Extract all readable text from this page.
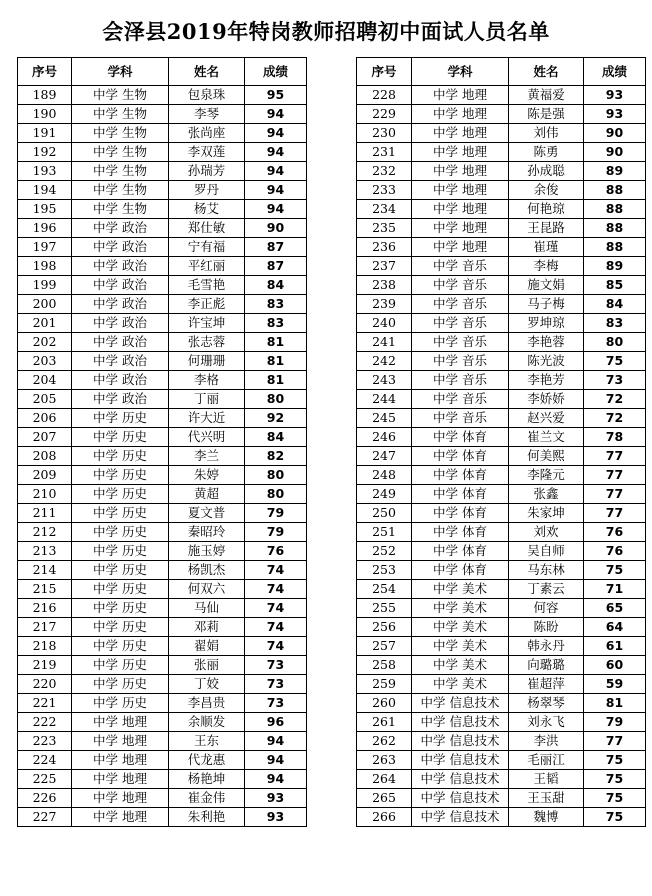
会泽县2019年特岗教师招聘初中面试人员名单
序号	学科	姓名	成绩
189	中学 生物	包泉珠	95
190	中学 生物	李琴	94
191	中学 生物	张尚座	94
192	中学 生物	李双莲	94
193	中学 生物	孙瑞芳	94
194	中学 生物	罗丹	94
195	中学 生物	杨艾	94
196	中学 政治	郑仕敏	90
197	中学 政治	宁有福	87
198	中学 政治	平红丽	87
199	中学 政治	毛雪艳	84
200	中学 政治	李正彪	83
201	中学 政治	许宝坤	83
202	中学 政治	张志蓉	81
203	中学 政治	何珊珊	81
204	中学 政治	李格	81
205	中学 政治	丁丽	80
206	中学 历史	许大近	92
207	中学 历史	代兴明	84
208	中学 历史	李兰	82
209	中学 历史	朱婷	80
210	中学 历史	黄超	80
211	中学 历史	夏文普	79
212	中学 历史	秦昭玲	79
213	中学 历史	施玉婷	76
214	中学 历史	杨凯杰	74
215	中学 历史	何双六	74
216	中学 历史	马仙	74
217	中学 历史	邓莉	74
218	中学 历史	翟娟	74
219	中学 历史	张丽	73
220	中学 历史	丁姣	73
221	中学 历史	李昌贵	73
222	中学 地理	余顺发	96
223	中学 地理	王东	94
224	中学 地理	代龙惠	94
225	中学 地理	杨艳坤	94
226	中学 地理	崔金伟	93
227	中学 地理	朱利艳	93
序号	学科	姓名	成绩
228	中学 地理	黄福爱	93
229	中学 地理	陈是强	93
230	中学 地理	刘伟	90
231	中学 地理	陈勇	90
232	中学 地理	孙成聪	89
233	中学 地理	余俊	88
234	中学 地理	何艳琼	88
235	中学 地理	王昆路	88
236	中学 地理	崔瑾	88
237	中学 音乐	李梅	89
238	中学 音乐	施文娟	85
239	中学 音乐	马子梅	84
240	中学 音乐	罗坤琼	83
241	中学 音乐	李艳蓉	80
242	中学 音乐	陈光波	75
243	中学 音乐	李艳芳	73
244	中学 音乐	李娇娇	72
245	中学 音乐	赵兴爱	72
246	中学 体育	崔兰文	78
247	中学 体育	何美熙	77
248	中学 体育	李隆元	77
249	中学 体育	张鑫	77
250	中学 体育	朱家坤	77
251	中学 体育	刘欢	76
252	中学 体育	吴自师	76
253	中学 体育	马东林	75
254	中学 美术	丁素云	71
255	中学 美术	何容	65
256	中学 美术	陈盼	64
257	中学 美术	韩永丹	61
258	中学 美术	向璐璐	60
259	中学 美术	崔超萍	59
260	中学 信息技术	杨翠琴	81
261	中学 信息技术	刘永飞	79
262	中学 信息技术	李洪	77
263	中学 信息技术	毛丽江	75
264	中学 信息技术	王韬	75
265	中学 信息技术	王玉甜	75
266	中学 信息技术	魏博	75
